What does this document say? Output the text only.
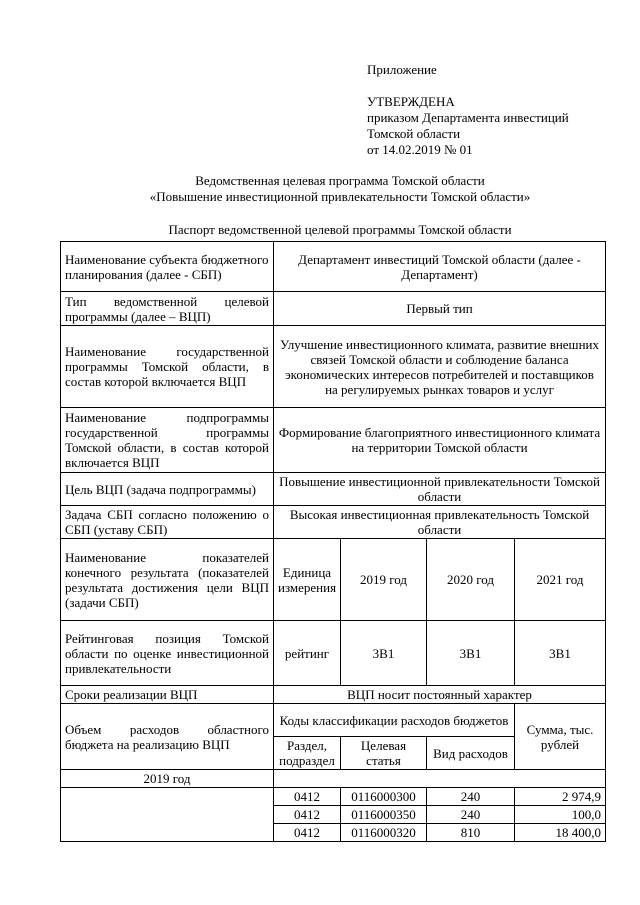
Приложение
УТВЕРЖДЕНА
приказом Департамента инвестиций
Томской области
от 14.02.2019 № 01
Ведомственная целевая программа Томской области
«Повышение инвестиционной привлекательности Томской области»
Паспорт ведомственной целевой программы Томской области
Наименование субъекта бюджетного планирования (далее - СБП)	Департамент инвестиций Томской области (далее - Департамент)			
Тип ведомственной целевой программы (далее – ВЦП)	Первый тип			
Наименование государственной программы Томской области, в состав которой включается ВЦП	Улучшение инвестиционного климата, развитие внешних связей Томской области и соблюдение баланса экономических интересов потребителей и поставщиков на регулируемых рынках товаров и услуг			
Наименование подпрограммы государственной программы Томской области, в состав которой включается ВЦП	Формирование благоприятного инвестиционного климата на территории Томской области			
Цель ВЦП (задача подпрограммы)	Повышение инвестиционной привлекательности Томской области			
Задача СБП согласно положению о СБП (уставу СБП)	Высокая инвестиционная привлекательность Томской области			
Наименование показателей конечного результата (показателей результата достижения цели ВЦП (задачи СБП)	Единица измерения	2019 год	2020 год	2021 год
Рейтинговая позиция Томской области по оценке инвестиционной привлекательности	рейтинг	3В1	3В1	3В1
Сроки реализации ВЦП	ВЦП носит постоянный характер			
Объем расходов областного бюджета на реализацию ВЦП	Коды классификации расходов бюджетов			Сумма, тыс. рублей
	Раздел, подраздел	Целевая статья	Вид расходов	
2019 год				
	0412	0116000300	240	2 974,9
	0412	0116000350	240	100,0
	0412	0116000320	810	18 400,0
